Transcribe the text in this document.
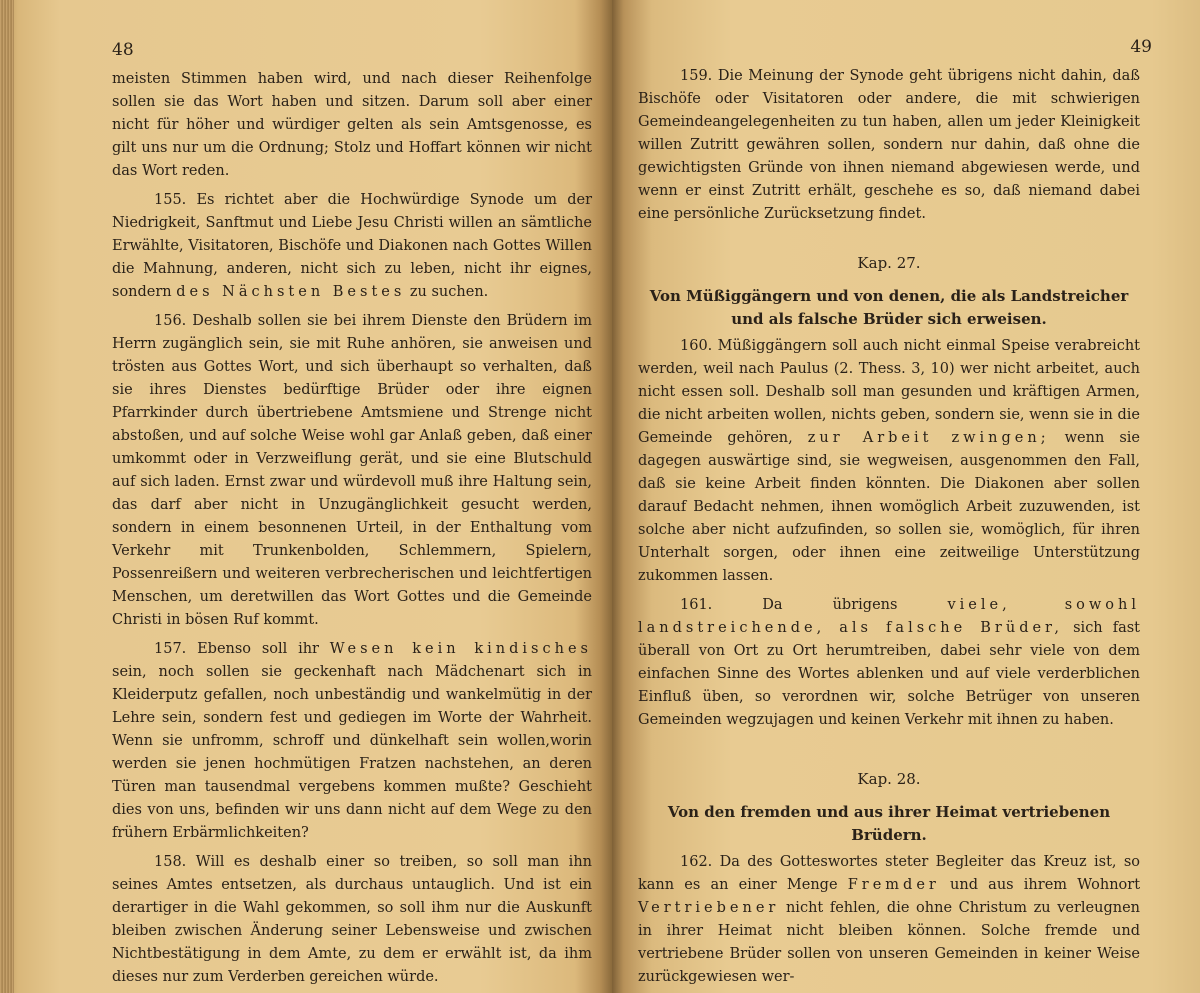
48

meisten Stimmen haben wird, und nach dieser Reihenfolge sollen sie das Wort haben und sitzen. Darum soll aber einer nicht für höher und würdiger gelten als sein Amtsgenosse, es gilt uns nur um die Ordnung; Stolz und Hoffart können wir nicht das Wort reden.

155. Es richtet aber die Hochwürdige Synode um der Niedrigkeit, Sanftmut und Liebe Jesu Christi willen an sämtliche Erwählte, Visitatoren, Bischöfe und Diakonen nach Gottes Willen die Mahnung, anderen, nicht sich zu leben, nicht ihr eignes, sondern des Nächsten Bestes zu suchen.

156. Deshalb sollen sie bei ihrem Dienste den Brüdern im Herrn zugänglich sein, sie mit Ruhe anhören, sie anweisen und trösten aus Gottes Wort, und sich überhaupt so verhalten, daß sie ihres Dienstes bedürftige Brüder oder ihre eignen Pfarrkinder durch übertriebene Amtsmiene und Strenge nicht abstoßen, und auf solche Weise wohl gar Anlaß geben, daß einer umkommt oder in Verzweiflung gerät, und sie eine Blutschuld auf sich laden. Ernst zwar und würdevoll muß ihre Haltung sein, das darf aber nicht in Unzugänglichkeit gesucht werden, sondern in einem besonnenen Urteil, in der Enthaltung vom Verkehr mit Trunkenbolden, Schlemmern, Spielern, Possenreißern und weiteren verbrecherischen und leichtfertigen Menschen, um deretwillen das Wort Gottes und die Gemeinde Christi in bösen Ruf kommt.

157. Ebenso soll ihr Wesen kein kindisches sein, noch sollen sie geckenhaft nach Mädchenart sich in Kleiderputz gefallen, noch unbeständig und wankelmütig in der Lehre sein, sondern fest und gediegen im Worte der Wahrheit. Wenn sie unfromm, schroff und dünkelhaft sein wollen,worin werden sie jenen hochmütigen Fratzen nachstehen, an deren Türen man tausendmal vergebens kommen mußte? Geschieht dies von uns, befinden wir uns dann nicht auf dem Wege zu den frühern Erbärmlichkeiten?

158. Will es deshalb einer so treiben, so soll man ihn seines Amtes entsetzen, als durchaus untauglich. Und ist ein derartiger in die Wahl gekommen, so soll ihm nur die Auskunft bleiben zwischen Änderung seiner Lebensweise und zwischen Nichtbestätigung in dem Amte, zu dem er erwählt ist, da ihm dieses nur zum Verderben gereichen würde.

49

159. Die Meinung der Synode geht übrigens nicht dahin, daß Bischöfe oder Visitatoren oder andere, die mit schwierigen Gemeindeangelegenheiten zu tun haben, allen um jeder Kleinigkeit willen Zutritt gewähren sollen, sondern nur dahin, daß ohne die gewichtigsten Gründe von ihnen niemand abgewiesen werde, und wenn er einst Zutritt erhält, geschehe es so, daß niemand dabei eine persönliche Zurücksetzung findet.

Kap. 27.

Von Müßiggängern und von denen, die als Landstreicher und als falsche Brüder sich erweisen.

160. Müßiggängern soll auch nicht einmal Speise verabreicht werden, weil nach Paulus (2. Thess. 3, 10) wer nicht arbeitet, auch nicht essen soll. Deshalb soll man gesunden und kräftigen Armen, die nicht arbeiten wollen, nichts geben, sondern sie, wenn sie in die Gemeinde gehören, zur Arbeit zwingen; wenn sie dagegen auswärtige sind, sie wegweisen, ausgenommen den Fall, daß sie keine Arbeit finden könnten. Die Diakonen aber sollen darauf Bedacht nehmen, ihnen womöglich Arbeit zuzuwenden, ist solche aber nicht aufzufinden, so sollen sie, womöglich, für ihren Unterhalt sorgen, oder ihnen eine zeitweilige Unterstützung zukommen lassen.

161. Da übrigens	viele, sowohl landstreichende, als falsche Brüder, sich fast überall von Ort zu Ort herumtreiben, dabei sehr viele von dem einfachen Sinne des Wortes ablenken und auf viele verderblichen Einfluß üben, so verordnen wir, solche Betrüger von unseren Gemeinden wegzujagen und keinen Verkehr mit ihnen zu haben.

Kap. 28.

Von den fremden und aus ihrer Heimat vertriebenen Brüdern.

162. Da des Gotteswortes steter Begleiter das Kreuz ist, so kann es an einer Menge Fremder und aus ihrem Wohnort Vertriebener nicht fehlen, die ohne Christum zu verleugnen in ihrer Heimat nicht bleiben können. Solche fremde und vertriebene Brüder sollen von unseren Gemeinden in keiner Weise zurückgewiesen wer-
